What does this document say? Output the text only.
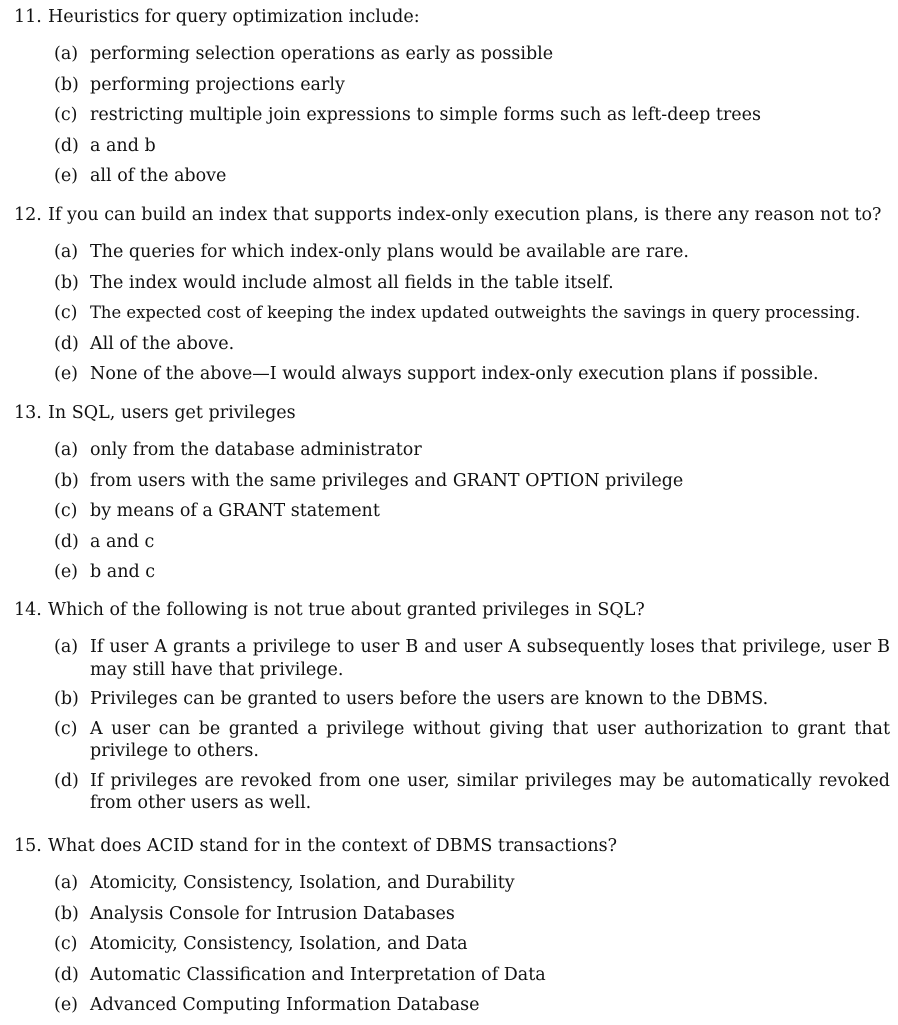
11. Heuristics for query optimization include:
(a) performing selection operations as early as possible
(b) performing projections early
(c) restricting multiple join expressions to simple forms such as left-deep trees
(d) a and b
(e) all of the above
12. If you can build an index that supports index-only execution plans, is there any reason not to?
(a) The queries for which index-only plans would be available are rare.
(b) The index would include almost all fields in the table itself.
(c) The expected cost of keeping the index updated outweights the savings in query processing.
(d) All of the above.
(e) None of the above—I would always support index-only execution plans if possible.
13. In SQL, users get privileges
(a) only from the database administrator
(b) from users with the same privileges and GRANT OPTION privilege
(c) by means of a GRANT statement
(d) a and c
(e) b and c
14. Which of the following is not true about granted privileges in SQL?
(a) If user A grants a privilege to user B and user A subsequently loses that privilege, user B may still have that privilege.
(b) Privileges can be granted to users before the users are known to the DBMS.
(c) A user can be granted a privilege without giving that user authorization to grant that privilege to others.
(d) If privileges are revoked from one user, similar privileges may be automatically revoked from other users as well.
15. What does ACID stand for in the context of DBMS transactions?
(a) Atomicity, Consistency, Isolation, and Durability
(b) Analysis Console for Intrusion Databases
(c) Atomicity, Consistency, Isolation, and Data
(d) Automatic Classification and Interpretation of Data
(e) Advanced Computing Information Database
